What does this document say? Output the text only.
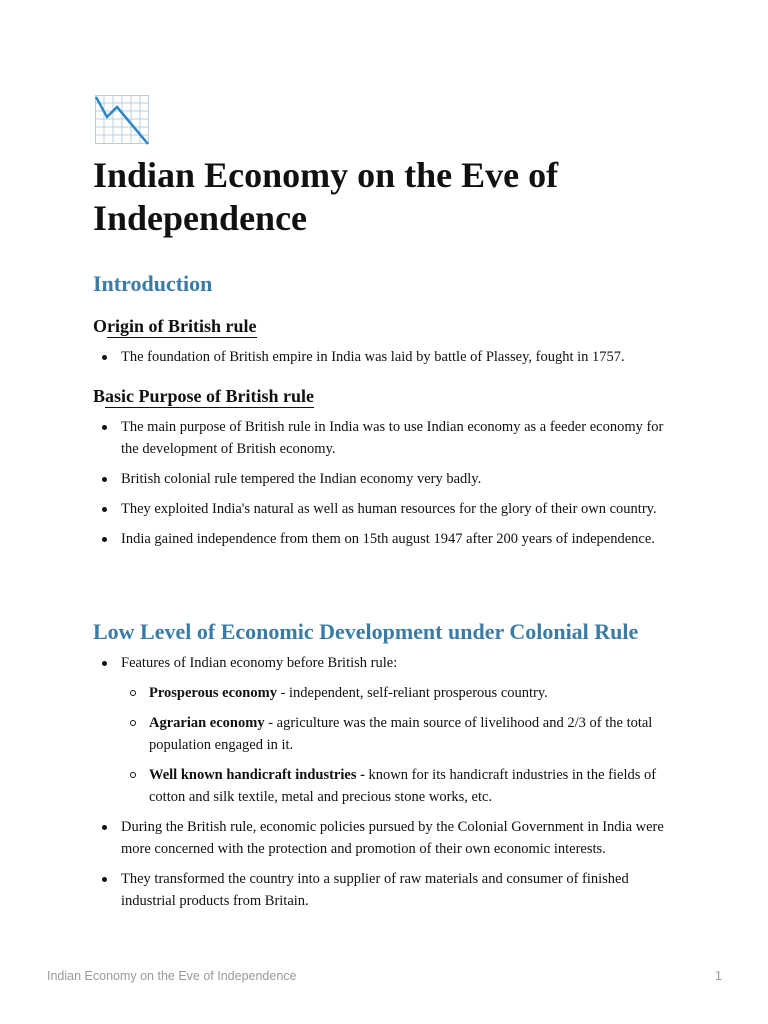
Indian Economy on the Eve of Independence
Introduction
Origin of British rule
The foundation of British empire in India was laid by battle of Plassey, fought in 1757.
Basic Purpose of British rule
The main purpose of British rule in India was to use Indian economy as a feeder economy for the development of British economy.
British colonial rule tempered the Indian economy very badly.
They exploited India's natural as well as human resources for the glory of their own country.
India gained independence from them on 15th august 1947 after 200 years of independence.
Low Level of Economic Development under Colonial Rule
Features of Indian economy before British rule:
Prosperous economy - independent, self-reliant prosperous country.
Agrarian economy - agriculture was the main source of livelihood and 2/3 of the total population engaged in it.
Well known handicraft industries - known for its handicraft industries in the fields of cotton and silk textile, metal and precious stone works, etc.
During the British rule, economic policies pursued by the Colonial Government in India were more concerned with the protection and promotion of their own economic interests.
They transformed the country into a supplier of raw materials and consumer of finished industrial products from Britain.
Indian Economy on the Eve of Independence	1
